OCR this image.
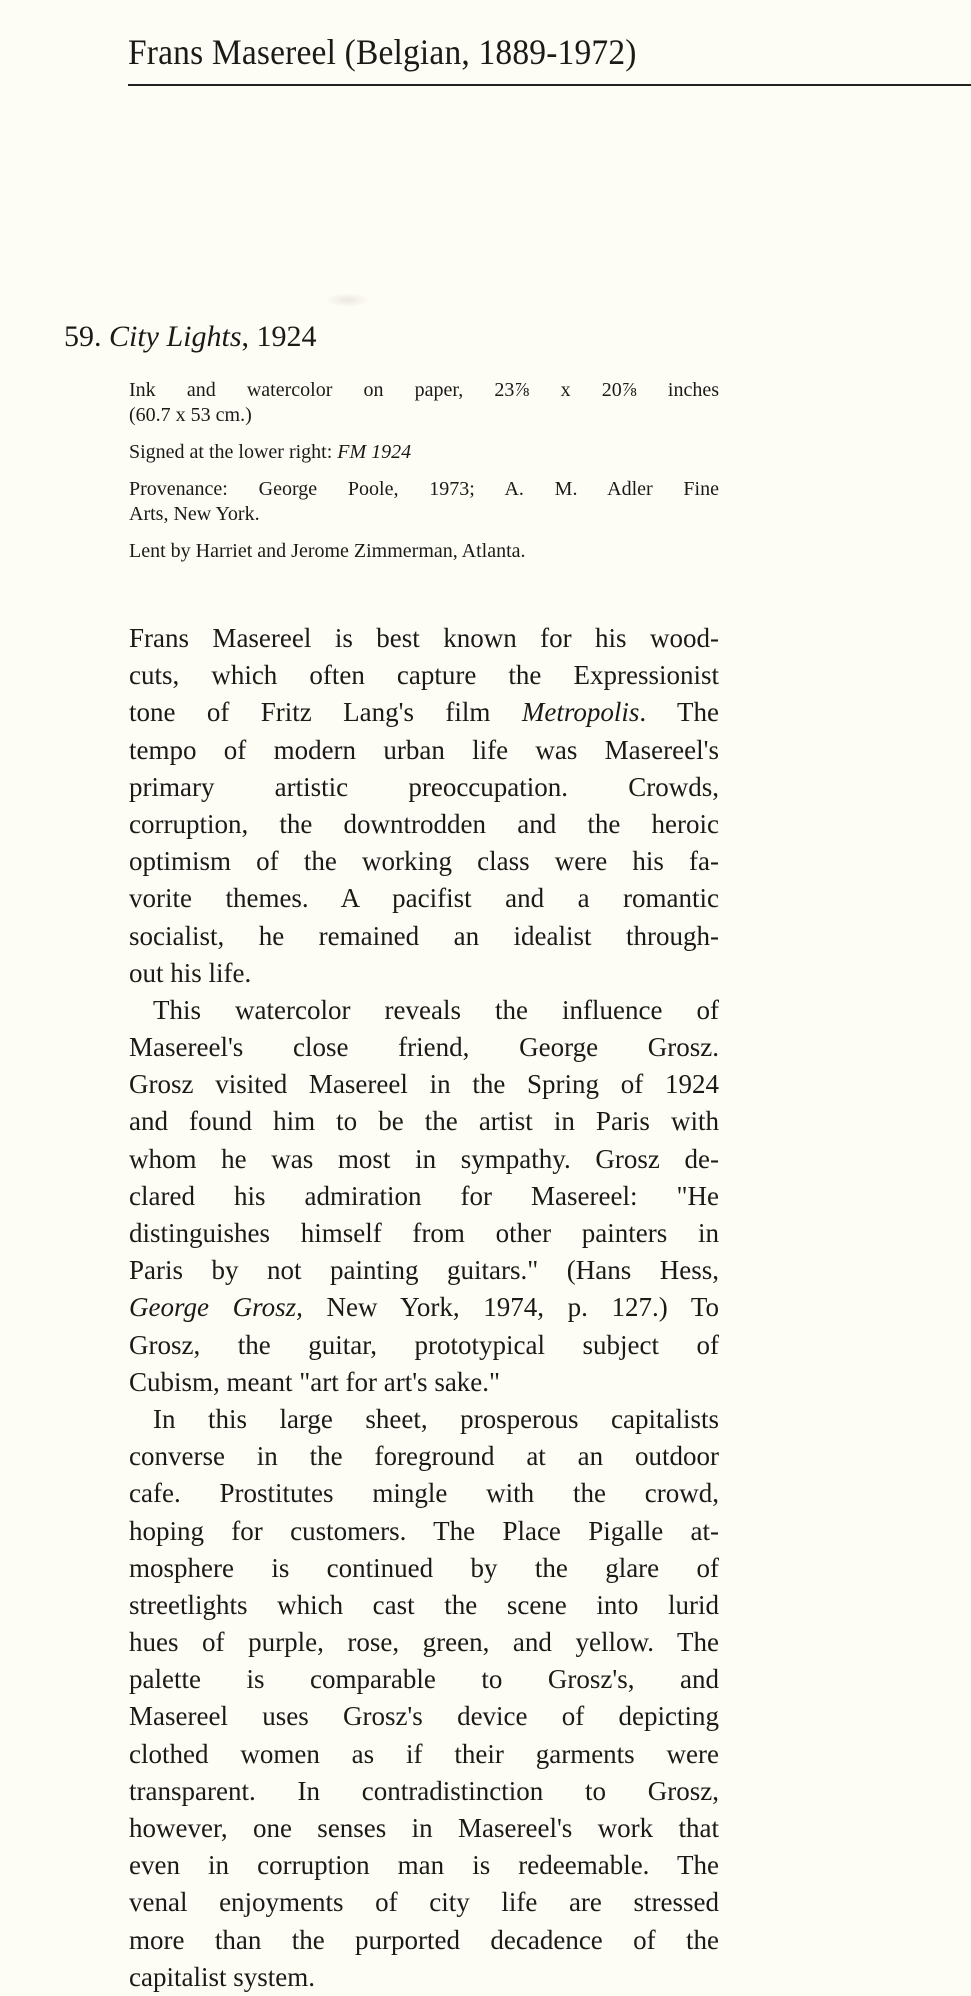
Frans Masereel (Belgian, 1889-1972)
59. City Lights, 1924
Ink and watercolor on paper, 23⅞ x 20⅞ inches
(60.7 x 53 cm.)
Signed at the lower right: FM 1924
Provenance: George Poole, 1973; A. M. Adler Fine
Arts, New York.
Lent by Harriet and Jerome Zimmerman, Atlanta.
Frans Masereel is best known for his wood-
cuts, which often capture the Expressionist
tone of Fritz Lang's film Metropolis. The
tempo of modern urban life was Masereel's
primary artistic preoccupation. Crowds,
corruption, the downtrodden and the heroic
optimism of the working class were his fa-
vorite themes. A pacifist and a romantic
socialist, he remained an idealist through-
out his life.
This watercolor reveals the influence of
Masereel's close friend, George Grosz.
Grosz visited Masereel in the Spring of 1924
and found him to be the artist in Paris with
whom he was most in sympathy. Grosz de-
clared his admiration for Masereel: "He
distinguishes himself from other painters in
Paris by not painting guitars." (Hans Hess,
George Grosz, New York, 1974, p. 127.) To
Grosz, the guitar, prototypical subject of
Cubism, meant "art for art's sake."
In this large sheet, prosperous capitalists
converse in the foreground at an outdoor
cafe. Prostitutes mingle with the crowd,
hoping for customers. The Place Pigalle at-
mosphere is continued by the glare of
streetlights which cast the scene into lurid
hues of purple, rose, green, and yellow. The
palette is comparable to Grosz's, and
Masereel uses Grosz's device of depicting
clothed women as if their garments were
transparent. In contradistinction to Grosz,
however, one senses in Masereel's work that
even in corruption man is redeemable. The
venal enjoyments of city life are stressed
more than the purported decadence of the
capitalist system.
